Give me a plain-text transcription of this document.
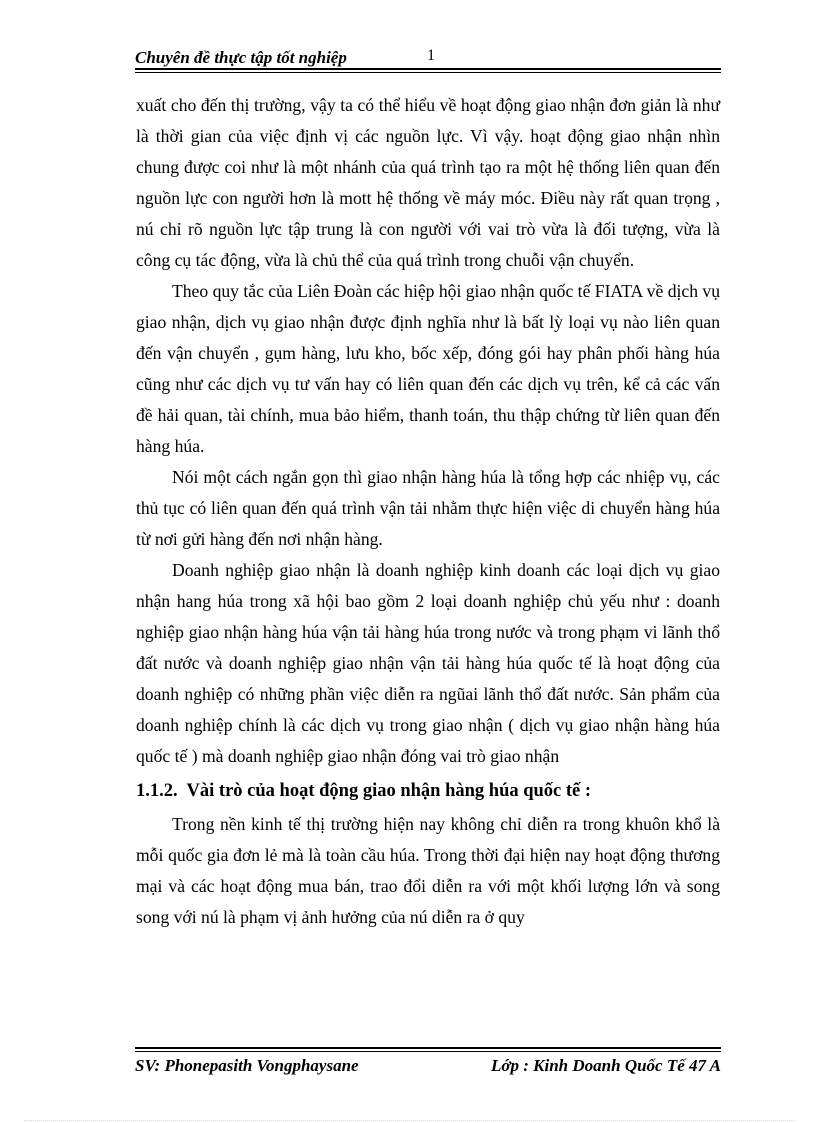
Chuyên đề thực tập tốt nghiệp	1

xuất cho đến thị trường, vậy ta có thể hiểu về hoạt động giao nhận đơn giản là như là thời gian của việc định vị các nguồn lực. Vì vậy. hoạt động giao nhận nhìn chung được coi như là một nhánh của quá trình tạo ra một hệ thống liên quan đến nguồn lực con người hơn là mott hệ thống về máy móc. Điều này rất quan trọng , nú chỉ rõ nguồn lực tập trung là con người với vai trò vừa là đối tượng, vừa là công cụ tác động, vừa là chủ thể của quá trình trong chuỗi vận chuyển.

Theo quy tắc của Liên Đoàn các hiệp hội giao nhận quốc tế FIATA về dịch vụ giao nhận, dịch vụ giao nhận được định nghĩa như là bất lỳ loại vụ nào liên quan đến vận chuyển , gụm hàng, lưu kho, bốc xếp, đóng gói hay phân phối hàng húa cũng như các dịch vụ tư vấn hay có liên quan đến các dịch vụ trên, kể cả các vấn đề hải quan, tài chính, mua bảo hiểm, thanh toán, thu thập chứng từ liên quan đến hàng húa.

Nói một cách ngắn gọn thì giao nhận hàng húa là tổng hợp các nhiệp vụ, các thủ tục có liên quan đến quá trình vận tải nhằm thực hiện việc di chuyển hàng húa từ nơi gửi hàng đến nơi nhận hàng.

Doanh nghiệp giao nhận là doanh nghiệp kinh doanh các loại dịch vụ giao nhận hang húa trong xã hội bao gồm 2 loại doanh nghiệp chủ yếu như : doanh nghiệp giao nhận hàng húa vận tải hàng húa trong nước và trong phạm vi lãnh thổ đất nước và doanh nghiệp giao nhận vận tải hàng húa quốc tế là hoạt động của doanh nghiệp có những phần việc diễn ra ngũai lãnh thổ đất nước. Sản phẩm của doanh nghiệp chính là các dịch vụ trong giao nhận ( dịch vụ giao nhận hàng húa quốc tế ) mà doanh nghiệp giao nhận đóng vai trò giao nhận

1.1.2.  Vài trò của hoạt động giao nhận hàng húa quốc tế :

Trong nền kinh tế thị trường hiện nay không chỉ diễn ra trong khuôn khổ là mỗi quốc gia đơn lẻ mà là toàn cầu húa. Trong thời đại hiện nay hoạt động thương mại và các hoạt động mua bán, trao đổi diễn ra với một khối lượng lớn và song song với nú là phạm vị ảnh hưởng của nú diễn ra ở quy

SV: Phonepasith Vongphaysane	Lớp : Kinh Doanh Quốc Tế 47 A
